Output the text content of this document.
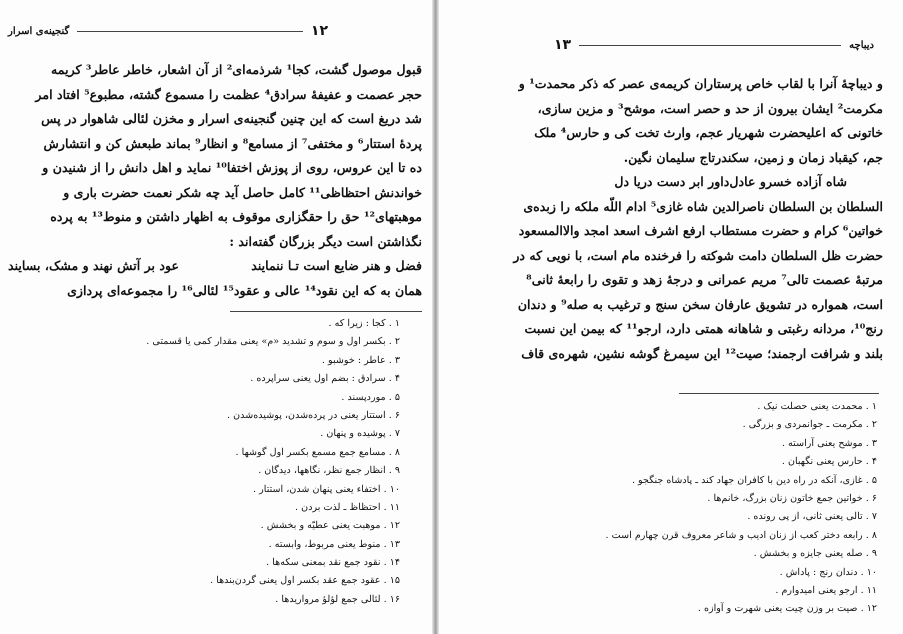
گنجینه‌ی اسرار	۱۲
قبول موصول گشت، کجا¹ شرذمه‌ای² از آن اشعار، خاطر عاطر³ کریمه
حجر عصمت و عفیفهٔ سرادق⁴ عظمت را مسموع گشته، مطبوع⁵ افتاد امر
شد دریغ است که این چنین گنجینه‌ی اسرار و مخزن لئالی شاهوار در پس
پردهٔ استتار⁶ و مختفی⁷ از مسامع⁸ و انظار⁹ بماند طبعش کن و انتشارش
ده تا این عروس، روی از پوزش اختفا¹⁰ نماید و اهل دانش را از شنیدن و
خواندنش احتظاظی¹¹ کامل حاصل آید چه شکر نعمت حضرت باری و
موهبتهای¹² حق را حقگزاری موقوف به اظهار داشتن و منوط¹³ به پرده
نگذاشتن است دیگر بزرگان گفته‌اند :
فضل و هنر ضایع است تـا ننمایند
عود بر آتش نهند و مشک، بسایند
همان به که این نقود¹⁴ عالی و عقود¹⁵ لئالی¹⁶ را مجموعه‌ای پردازی
۱ . کجا : زیرا که .
۲ . بکسر اول و سوم و تشدید «م» یعنی مقدار کمی یا قسمتی .
۳ . عاطر : خوشبو .
۴ . سرادق : بضم اول یعنی سراپرده .
۵ . موردپسند .
۶ . استتار یعنی در پرده‌شدن، پوشیده‌شدن .
۷ . پوشیده و پنهان .
۸ . مسامع جمع مسمع بکسر اول گوشها .
۹ . انظار جمع نظر، نگاهها، دیدگان .
۱۰ . اختفاء یعنی پنهان شدن، استتار .
۱۱ . احتظاظ ـ لذت بردن .
۱۲ . موهبت یعنی عطیّه و بخشش .
۱۳ . منوط یعنی مربوط، وابسته .
۱۴ . نقود جمع نقد بمعنی سکه‌ها .
۱۵ . عقود جمع عقد بکسر اول یعنی گردن‌بندها .
۱۶ . لئالی جمع لؤلؤ مرواریدها .
۱۳	دیباچه
و دیباچهٔ آنرا با لقاب خاص پرستاران کریمه‌ی عصر که ذکر محمدت¹ و
مکرمت² ایشان بیرون از حد و حصر است، موشح³ و مزین سازی،
خاتونی که اعلیحضرت شهریار عجم، وارث تخت کی و حارس⁴ ملک
جم، کیقباد زمان و زمین، سکندرتاج سلیمان نگین.
شاه آزاده خسرو عادل
داور ابر دست دریا دل
السلطان بن السلطان ناصرالدین شاه غازی⁵ ادام اللّه ملکه را زبده‌ی
خواتین⁶ کرام و حضرت مستطاب ارفع اشرف اسعد امجد والاالمسعود
حضرت ظل السلطان دامت شوکته را فرخنده مام است، با نویی که در
مرتبهٔ عصمت تالی⁷ مریم عمرانی و درجهٔ زهد و تقوی را رابعهٔ ثانی⁸
است، همواره در تشویق عارفان سخن سنج و ترغیب به صله⁹ و دندان
رنج¹⁰، مردانه رغبتی و شاهانه همتی دارد، ارجو¹¹ که بیمن این نسبت
بلند و شرافت ارجمند؛ صیت¹² این سیمرغ گوشه نشین، شهره‌ی قاف
۱ . محمدت یعنی حصلت نیک .
۲ . مکرمت ـ جوانمردی و بزرگی .
۳ . موشح یعنی آراسته .
۴ . حارس یعنی نگهبان .
۵ . غازی، آنکه در راه دین با کافران جهاد کند ـ پادشاه جنگجو .
۶ . خواتین جمع خاتون زنان بزرگ، خانم‌ها .
۷ . تالی یعنی ثانی، از پی رونده .
۸ . رابعه دختر کعب از زنان ادیب و شاعر معروف قرن چهارم است .
۹ . صله یعنی جایزه و بخشش .
۱۰ . دندان رنج : پاداش .
۱۱ . ارجو یعنی امیدوارم .
۱۲ . صیت بر وزن چیت یعنی شهرت و آوازه .
